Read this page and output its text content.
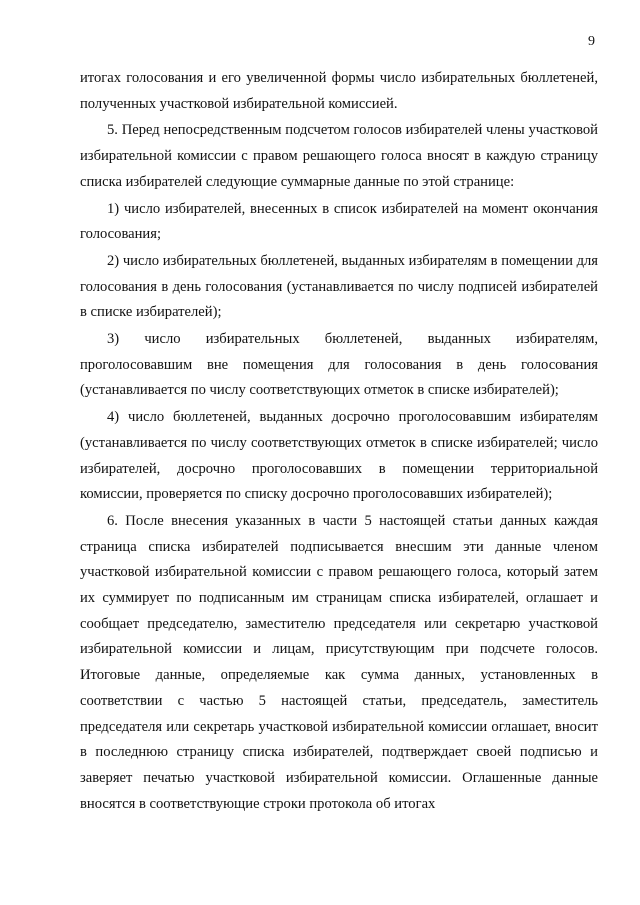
9

итогах голосования и его увеличенной формы число избирательных бюллетеней, полученных участковой избирательной комиссией.

5. Перед непосредственным подсчетом голосов избирателей члены участковой избирательной комиссии с правом решающего голоса вносят в каждую страницу списка избирателей следующие суммарные данные по этой странице:

1) число избирателей, внесенных в список избирателей на момент окончания голосования;

2) число избирательных бюллетеней, выданных избирателям в помещении для голосования в день голосования (устанавливается по числу подписей избирателей в списке избирателей);

3) число избирательных бюллетеней, выданных избирателям, проголосовавшим вне помещения для голосования в день голосования (устанавливается по числу соответствующих отметок в списке избирателей);

4) число бюллетеней, выданных досрочно проголосовавшим избирателям (устанавливается по числу соответствующих отметок в списке избирателей; число избирателей, досрочно проголосовавших в помещении территориальной комиссии, проверяется по списку досрочно проголосовавших избирателей);

6. После внесения указанных в части 5 настоящей статьи данных каждая страница списка избирателей подписывается внесшим эти данные членом участковой избирательной комиссии с правом решающего голоса, который затем их суммирует по подписанным им страницам списка избирателей, оглашает и сообщает председателю, заместителю председателя или секретарю участковой избирательной комиссии и лицам, присутствующим при подсчете голосов. Итоговые данные, определяемые как сумма данных, установленных в соответствии с частью 5 настоящей статьи, председатель, заместитель председателя или секретарь участковой избирательной комиссии оглашает, вносит в последнюю страницу списка избирателей, подтверждает своей подписью и заверяет печатью участковой избирательной комиссии. Оглашенные данные вносятся в соответствующие строки протокола об итогах
